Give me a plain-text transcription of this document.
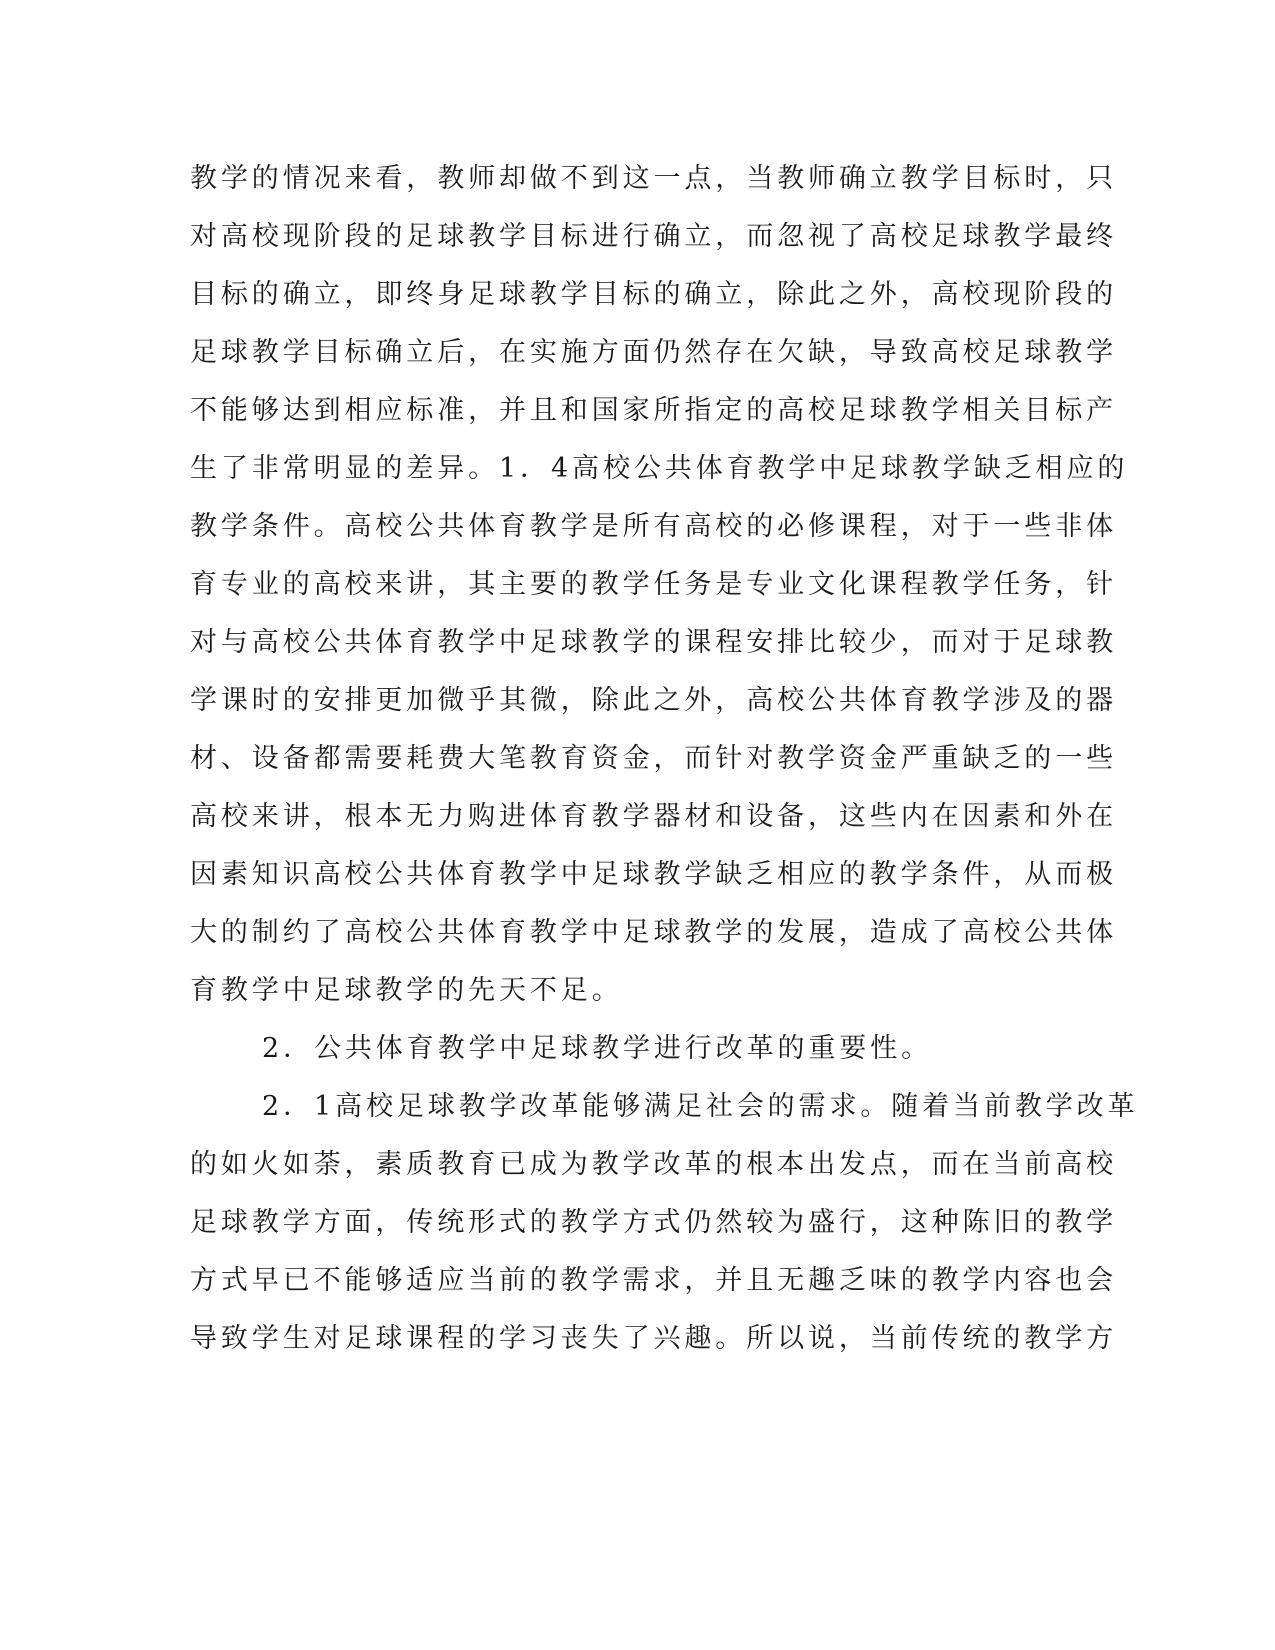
教学的情况来看，教师却做不到这一点，当教师确立教学目标时，只
对高校现阶段的足球教学目标进行确立，而忽视了高校足球教学最终
目标的确立，即终身足球教学目标的确立，除此之外，高校现阶段的
足球教学目标确立后，在实施方面仍然存在欠缺，导致高校足球教学
不能够达到相应标准，并且和国家所指定的高校足球教学相关目标产
生了非常明显的差异。1．4高校公共体育教学中足球教学缺乏相应的
教学条件。高校公共体育教学是所有高校的必修课程，对于一些非体
育专业的高校来讲，其主要的教学任务是专业文化课程教学任务，针
对与高校公共体育教学中足球教学的课程安排比较少，而对于足球教
学课时的安排更加微乎其微，除此之外，高校公共体育教学涉及的器
材、设备都需要耗费大笔教育资金，而针对教学资金严重缺乏的一些
高校来讲，根本无力购进体育教学器材和设备，这些内在因素和外在
因素知识高校公共体育教学中足球教学缺乏相应的教学条件，从而极
大的制约了高校公共体育教学中足球教学的发展，造成了高校公共体
育教学中足球教学的先天不足。
2．公共体育教学中足球教学进行改革的重要性。
2．1高校足球教学改革能够满足社会的需求。随着当前教学改革
的如火如荼，素质教育已成为教学改革的根本出发点，而在当前高校
足球教学方面，传统形式的教学方式仍然较为盛行，这种陈旧的教学
方式早已不能够适应当前的教学需求，并且无趣乏味的教学内容也会
导致学生对足球课程的学习丧失了兴趣。所以说，当前传统的教学方
